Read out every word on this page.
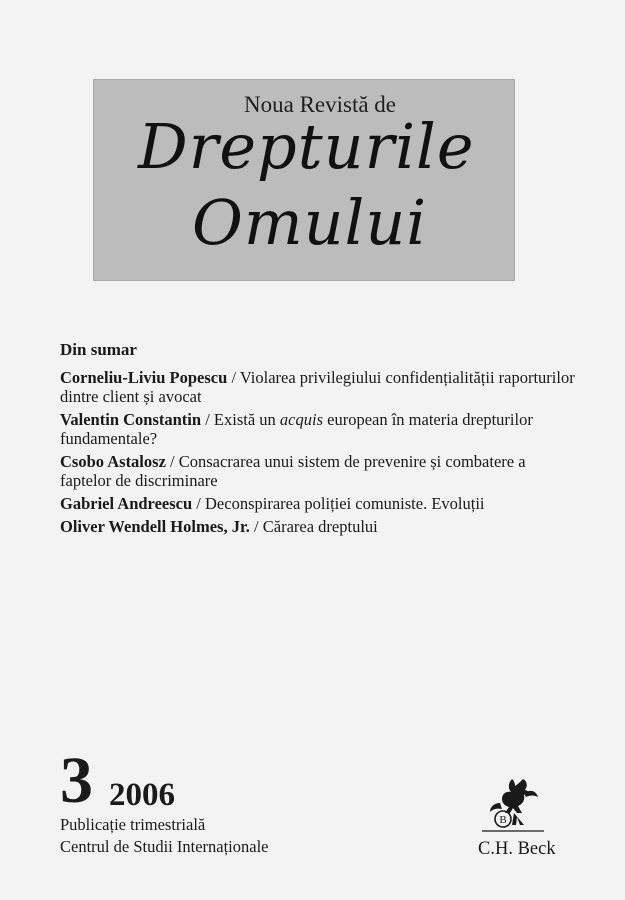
Noua Revistă de
Drepturile
Omului
Din sumar
Corneliu-Liviu Popescu / Violarea privilegiului confidențialității raporturilor dintre client și avocat
Valentin Constantin / Există un acquis european în materia drepturilor fundamentale?
Csobo Astalosz / Consacrarea unui sistem de prevenire și combatere a faptelor de discriminare
Gabriel Andreescu / Deconspirarea poliției comuniste. Evoluții
Oliver Wendell Holmes, Jr. / Cărarea dreptului
3 2006
Publicație trimestrială
Centrul de Studii Internaționale
B
C.H. Beck
